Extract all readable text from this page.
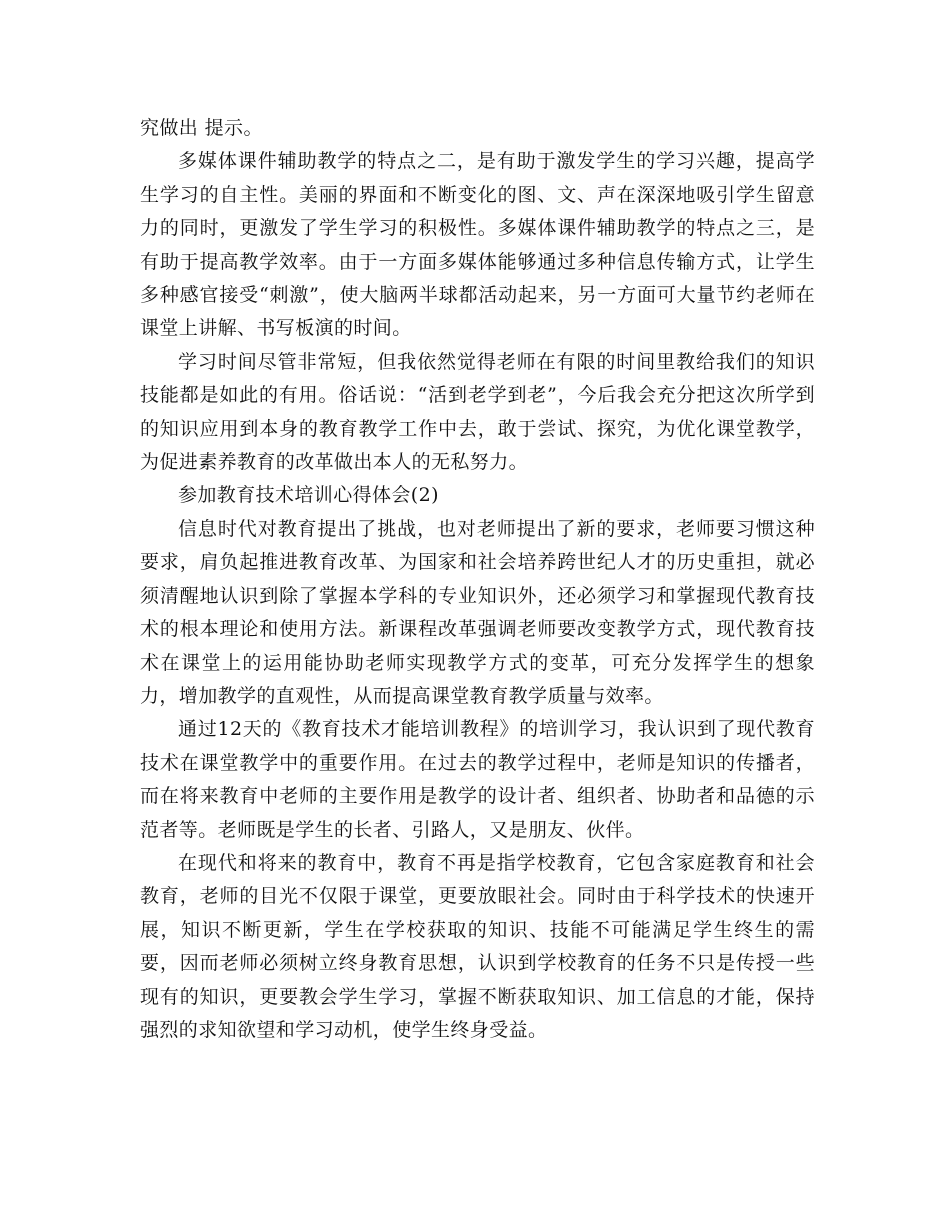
究做出 提示。

多媒体课件辅助教学的特点之二，是有助于激发学生的学习兴趣，提高学生学习的自主性。美丽的界面和不断变化的图、文、声在深深地吸引学生留意力的同时，更激发了学生学习的积极性。多媒体课件辅助教学的特点之三，是有助于提高教学效率。由于一方面多媒体能够通过多种信息传输方式，让学生多种感官接受“刺激”，使大脑两半球都活动起来，另一方面可大量节约老师在课堂上讲解、书写板演的时间。

学习时间尽管非常短，但我依然觉得老师在有限的时间里教给我们的知识技能都是如此的有用。俗话说：“活到老学到老”，今后我会充分把这次所学到的知识应用到本身的教育教学工作中去，敢于尝试、探究，为优化课堂教学，为促进素养教育的改革做出本人的无私努力。

参加教育技术培训心得体会(2)

信息时代对教育提出了挑战，也对老师提出了新的要求，老师要习惯这种要求，肩负起推进教育改革、为国家和社会培养跨世纪人才的历史重担，就必须清醒地认识到除了掌握本学科的专业知识外，还必须学习和掌握现代教育技术的根本理论和使用方法。新课程改革强调老师要改变教学方式，现代教育技术在课堂上的运用能协助老师实现教学方式的变革，可充分发挥学生的想象力，增加教学的直观性，从而提高课堂教育教学质量与效率。

通过12天的《教育技术才能培训教程》的培训学习，我认识到了现代教育技术在课堂教学中的重要作用。在过去的教学过程中，老师是知识的传播者，而在将来教育中老师的主要作用是教学的设计者、组织者、协助者和品德的示范者等。老师既是学生的长者、引路人，又是朋友、伙伴。

在现代和将来的教育中，教育不再是指学校教育，它包含家庭教育和社会教育，老师的目光不仅限于课堂，更要放眼社会。同时由于科学技术的快速开展，知识不断更新，学生在学校获取的知识、技能不可能满足学生终生的需要，因而老师必须树立终身教育思想，认识到学校教育的任务不只是传授一些现有的知识，更要教会学生学习，掌握不断获取知识、加工信息的才能，保持强烈的求知欲望和学习动机，使学生终身受益。
